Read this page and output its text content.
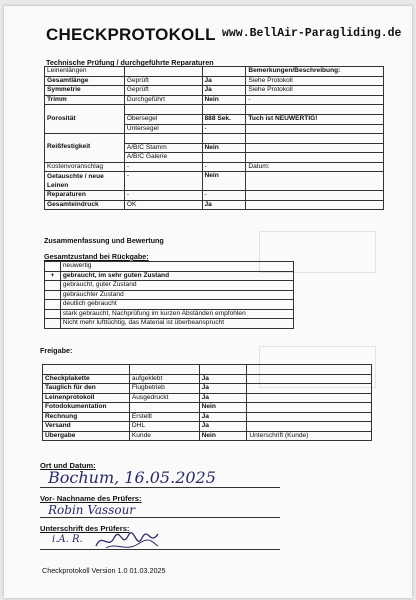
CHECKPROTOKOLL www.BellAir-Paragliding.de
Technische Prüfung / durchgeführte Reparaturen
Leinenlängen			Bemerkungen/Beschreibung:
Gesamtlänge	Geprüft	Ja	Siehe Protokoll
Symmetrie	Geprüft	Ja	Siehe Protokoll
Trimm	Durchgeführt	Nein	-

Porosität	Obersegel	888 Sek.	Tuch ist NEUWERTIG!
	Untersegel	-	

Reißfestigkeit	A/B/C Stamm	Nein	
	A/B/C Galerie		
Kostenvoranschlag	-	-	Datum:
Getauschte / neue Leinen	-	Nein	
Reparaturen	-	-	
Gesamteindruck	OK	Ja	
Zusammenfassung und Bewertung
Gesamtzustand bei Rückgabe:
	neuwertig
+	gebraucht, im sehr guten Zustand
	gebraucht, guter Zustand
	gebrauchter Zustand
	deutlich gebraucht
	stark gebraucht, Nachprüfung im kurzen Abständen empfohlen
	Nicht mehr lufttüchtig, das Material ist überbeansprucht
Freigabe:

Checkplakette	aufgeklebt	Ja	
Tauglich für den	Flugbetrieb	Ja	
Leinenprotokoll	Ausgedruckt	Ja	
Fotodokumentation		Nein	
Rechnung	Erstellt	Ja	
Versand	DHL	Ja	
Übergabe	Kunde	Nein	Unterschrift (Kunde)
Ort und Datum:
Bochum, 16.05.2025
Vor- Nachname des Prüfers:
Robin Vassour
Unterschrift des Prüfers:
i.A. R.
Checkprotokoll Version 1.0 01.03.2025
